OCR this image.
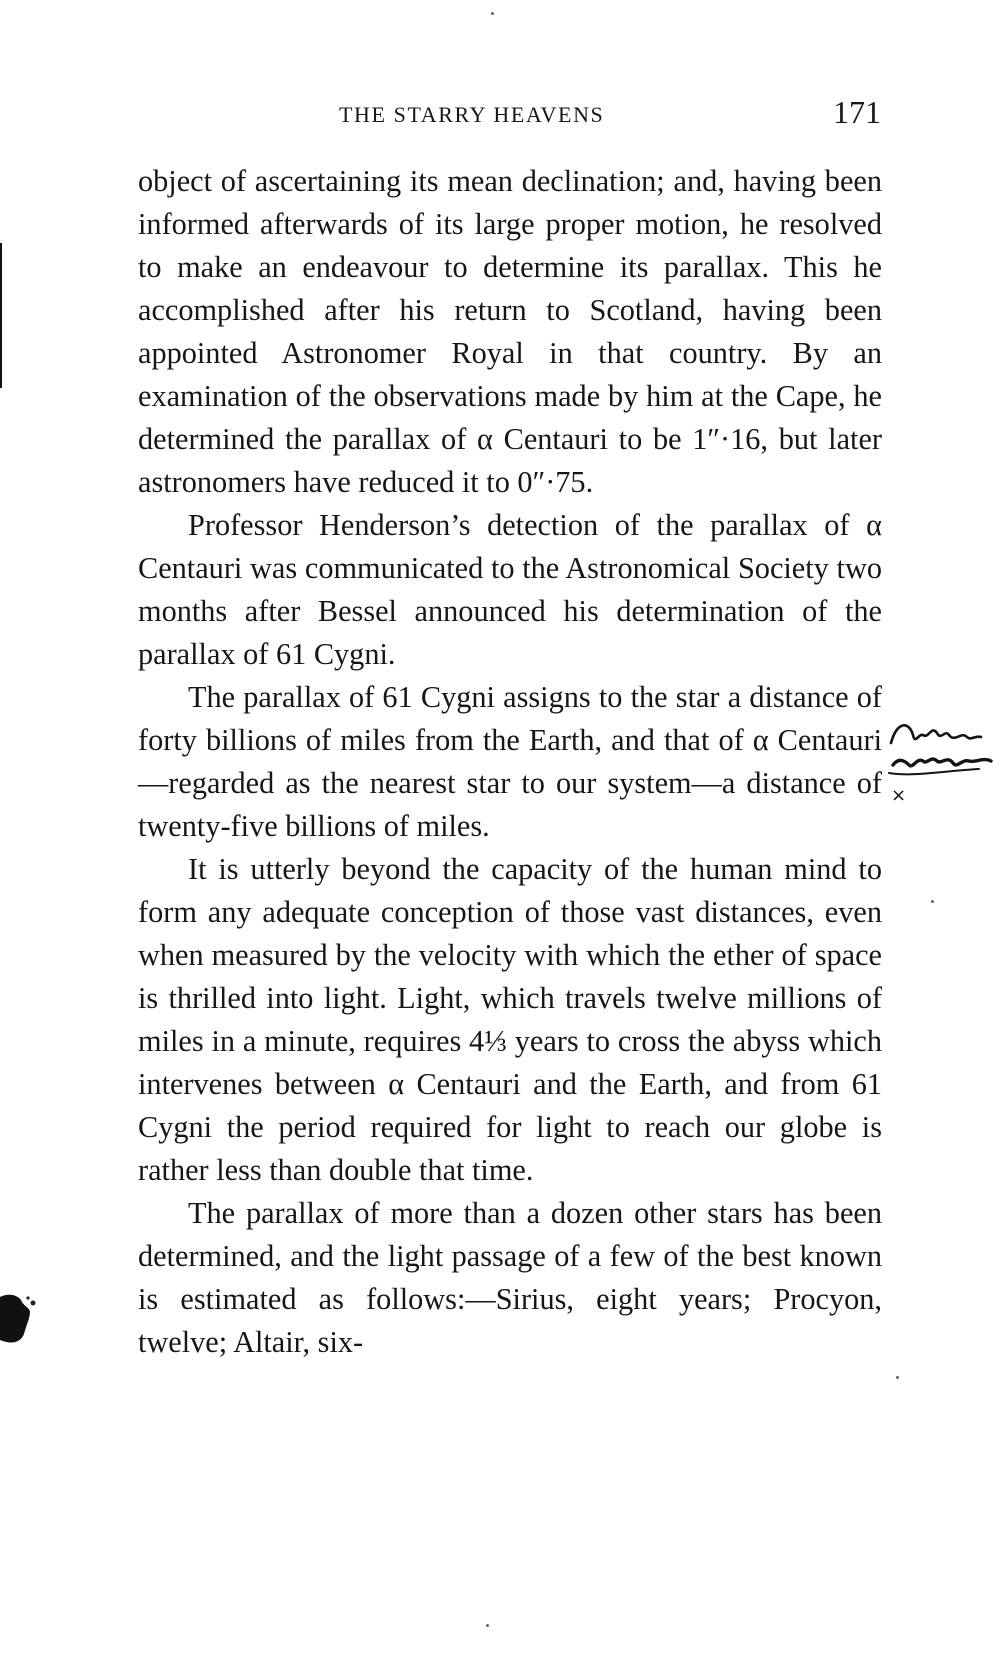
THE STARRY HEAVENS	171

object of ascertaining its mean declination; and, having been informed afterwards of its large proper motion, he resolved to make an endeavour to determine its parallax. This he accomplished after his return to Scotland, having been appointed Astronomer Royal in that country. By an examination of the observations made by him at the Cape, he determined the parallax of α Centauri to be 1″·16, but later astronomers have reduced it to 0″·75.

Professor Henderson’s detection of the parallax of α Centauri was communicated to the Astronomical Society two months after Bessel announced his determination of the parallax of 61 Cygni.

The parallax of 61 Cygni assigns to the star a distance of forty billions of miles from the Earth, and that of α Centauri—regarded as the nearest star to our system—a distance of twenty-five billions of miles.

It is utterly beyond the capacity of the human mind to form any adequate conception of those vast distances, even when measured by the velocity with which the ether of space is thrilled into light. Light, which travels twelve millions of miles in a minute, requires 4⅓ years to cross the abyss which intervenes between α Centauri and the Earth, and from 61 Cygni the period required for light to reach our globe is rather less than double that time.

The parallax of more than a dozen other stars has been determined, and the light passage of a few of the best known is estimated as follows:—Sirius, eight years; Procyon, twelve; Altair, six-

×
